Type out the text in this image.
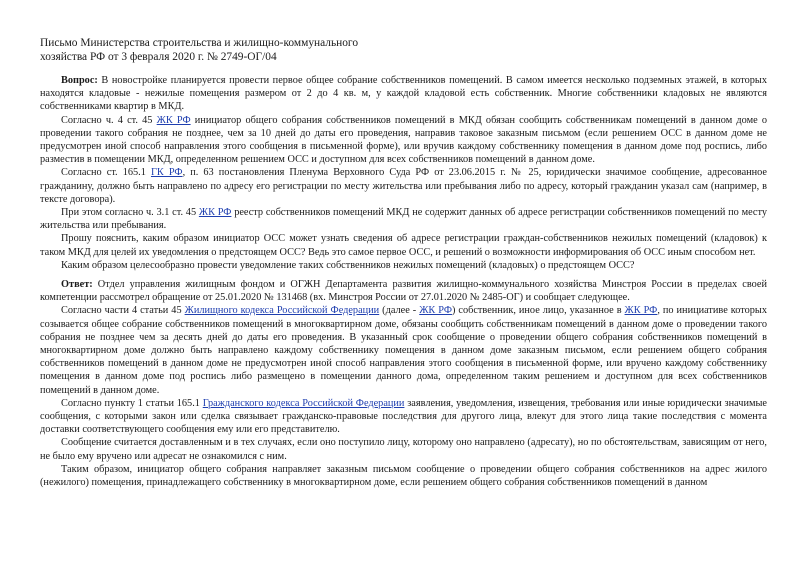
Письмо Министерства строительства и жилищно-коммунального
хозяйства РФ от 3 февраля 2020 г. № 2749-ОГ/04

Вопрос: В новостройке планируется провести первое общее собрание собственников помещений. В самом имеется несколько подземных этажей, в которых находятся кладовые - нежилые помещения размером от 2 до 4 кв. м, у каждой кладовой есть собственник. Многие собственники кладовых не являются собственниками квартир в МКД.

Согласно ч. 4 ст. 45 ЖК РФ инициатор общего собрания собственников помещений в МКД обязан сообщить собственникам помещений в данном доме о проведении такого собрания не позднее, чем за 10 дней до даты его проведения, направив таковое заказным письмом (если решением ОСС в данном доме не предусмотрен иной способ направления этого сообщения в письменной форме), или вручив каждому собственнику помещения в данном доме под роспись, либо разместив в помещении МКД, определенном решением ОСС и доступном для всех собственников помещений в данном доме.

Согласно ст. 165.1 ГК РФ, п. 63 постановления Пленума Верховного Суда РФ от 23.06.2015 г. № 25, юридически значимое сообщение, адресованное гражданину, должно быть направлено по адресу его регистрации по месту жительства или пребывания либо по адресу, который гражданин указал сам (например, в тексте договора).

При этом согласно ч. 3.1 ст. 45 ЖК РФ реестр собственников помещений МКД не содержит данных об адресе регистрации собственников помещений по месту жительства или пребывания.

Прошу пояснить, каким образом инициатор ОСС может узнать сведения об адресе регистрации граждан-собственников нежилых помещений (кладовок) к таком МКД для целей их уведомления о предстоящем ОСС? Ведь это самое первое ОСС, и решений о возможности информирования об ОСС иным способом нет.

Каким образом целесообразно провести уведомление таких собственников нежилых помещений (кладовых) о предстоящем ОСС?

Ответ: Отдел управления жилищным фондом и ОГЖН Департамента развития жилищно-коммунального хозяйства Минстроя России в пределах своей компетенции рассмотрел обращение от 25.01.2020 № 131468 (вх. Минстроя России от 27.01.2020 № 2485-ОГ) и сообщает следующее.

Согласно части 4 статьи 45 Жилищного кодекса Российской Федерации (далее - ЖК РФ) собственник, иное лицо, указанное в ЖК РФ, по инициативе которых созывается общее собрание собственников помещений в многоквартирном доме, обязаны сообщить собственникам помещений в данном доме о проведении такого собрания не позднее чем за десять дней до даты его проведения. В указанный срок сообщение о проведении общего собрания собственников помещений в многоквартирном доме должно быть направлено каждому собственнику помещения в данном доме заказным письмом, если решением общего собрания собственников помещений в данном доме не предусмотрен иной способ направления этого сообщения в письменной форме, или вручено каждому собственнику помещения в данном доме под роспись либо размещено в помещении данного дома, определенном таким решением и доступном для всех собственников помещений в данном доме.

Согласно пункту 1 статьи 165.1 Гражданского кодекса Российской Федерации заявления, уведомления, извещения, требования или иные юридически значимые сообщения, с которыми закон или сделка связывает гражданско-правовые последствия для другого лица, влекут для этого лица такие последствия с момента доставки соответствующего сообщения ему или его представителю.

Сообщение считается доставленным и в тех случаях, если оно поступило лицу, которому оно направлено (адресату), но по обстоятельствам, зависящим от него, не было ему вручено или адресат не ознакомился с ним.

Таким образом, инициатор общего собрания направляет заказным письмом сообщение о проведении общего собрания собственников на адрес жилого (нежилого) помещения, принадлежащего собственнику в многоквартирном доме, если решением общего собрания собственников помещений в данном
